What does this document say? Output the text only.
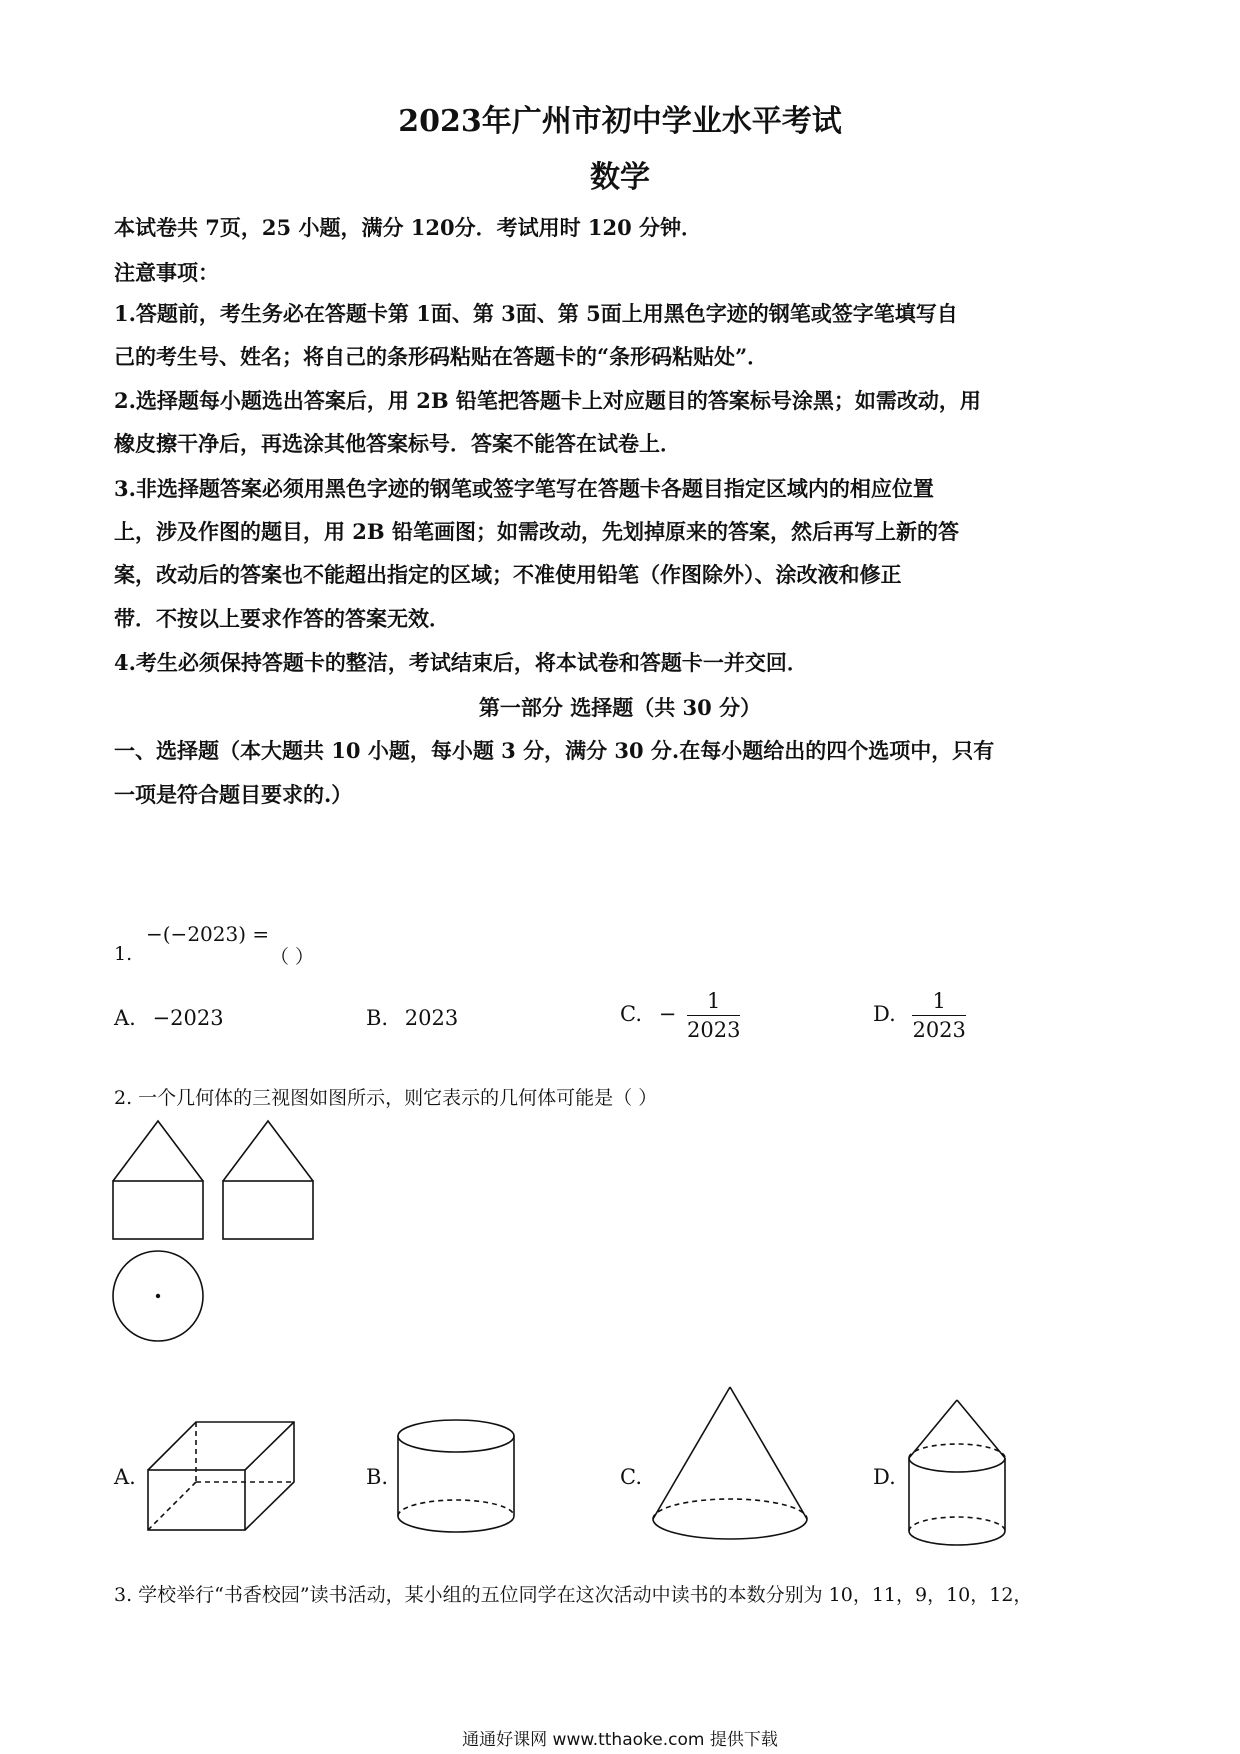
2023年广州市初中学业水平考试
数学
本试卷共 7页，25 小题，满分 120分．考试用时 120 分钟．
注意事项：
1.答题前，考生务必在答题卡第 1面、第 3面、第 5面上用黑色字迹的钢笔或签字笔填写自
己的考生号、姓名；将自己的条形码粘贴在答题卡的“条形码粘贴处”．
2.选择题每小题选出答案后，用 2B 铅笔把答题卡上对应题目的答案标号涂黑；如需改动，用
橡皮擦干净后，再选涂其他答案标号．答案不能答在试卷上．
3.非选择题答案必须用黑色字迹的钢笔或签字笔写在答题卡各题目指定区域内的相应位置
上，涉及作图的题目，用 2B 铅笔画图；如需改动，先划掉原来的答案，然后再写上新的答
案，改动后的答案也不能超出指定的区域；不准使用铅笔（作图除外）、涂改液和修正
带．不按以上要求作答的答案无效．
4.考生必须保持答题卡的整洁，考试结束后，将本试卷和答题卡一并交回．
第一部分 选择题（共 30 分）
一、选择题（本大题共 10 小题，每小题 3 分，满分 30 分.在每小题给出的四个选项中，只有
一项是符合题目要求的.）
1.
−(−2023) =
（ ）
A. −2023	B. 2023	C. − $\frac{1}{2023}$	D. $\frac{1}{2023}$
2. 一个几何体的三视图如图所示，则它表示的几何体可能是（ ）
A.	B.	C.	D.
3. 学校举行“书香校园”读书活动，某小组的五位同学在这次活动中读书的本数分别为 10，11，9，10，12，
通通好课网 www.tthaoke.com 提供下载
